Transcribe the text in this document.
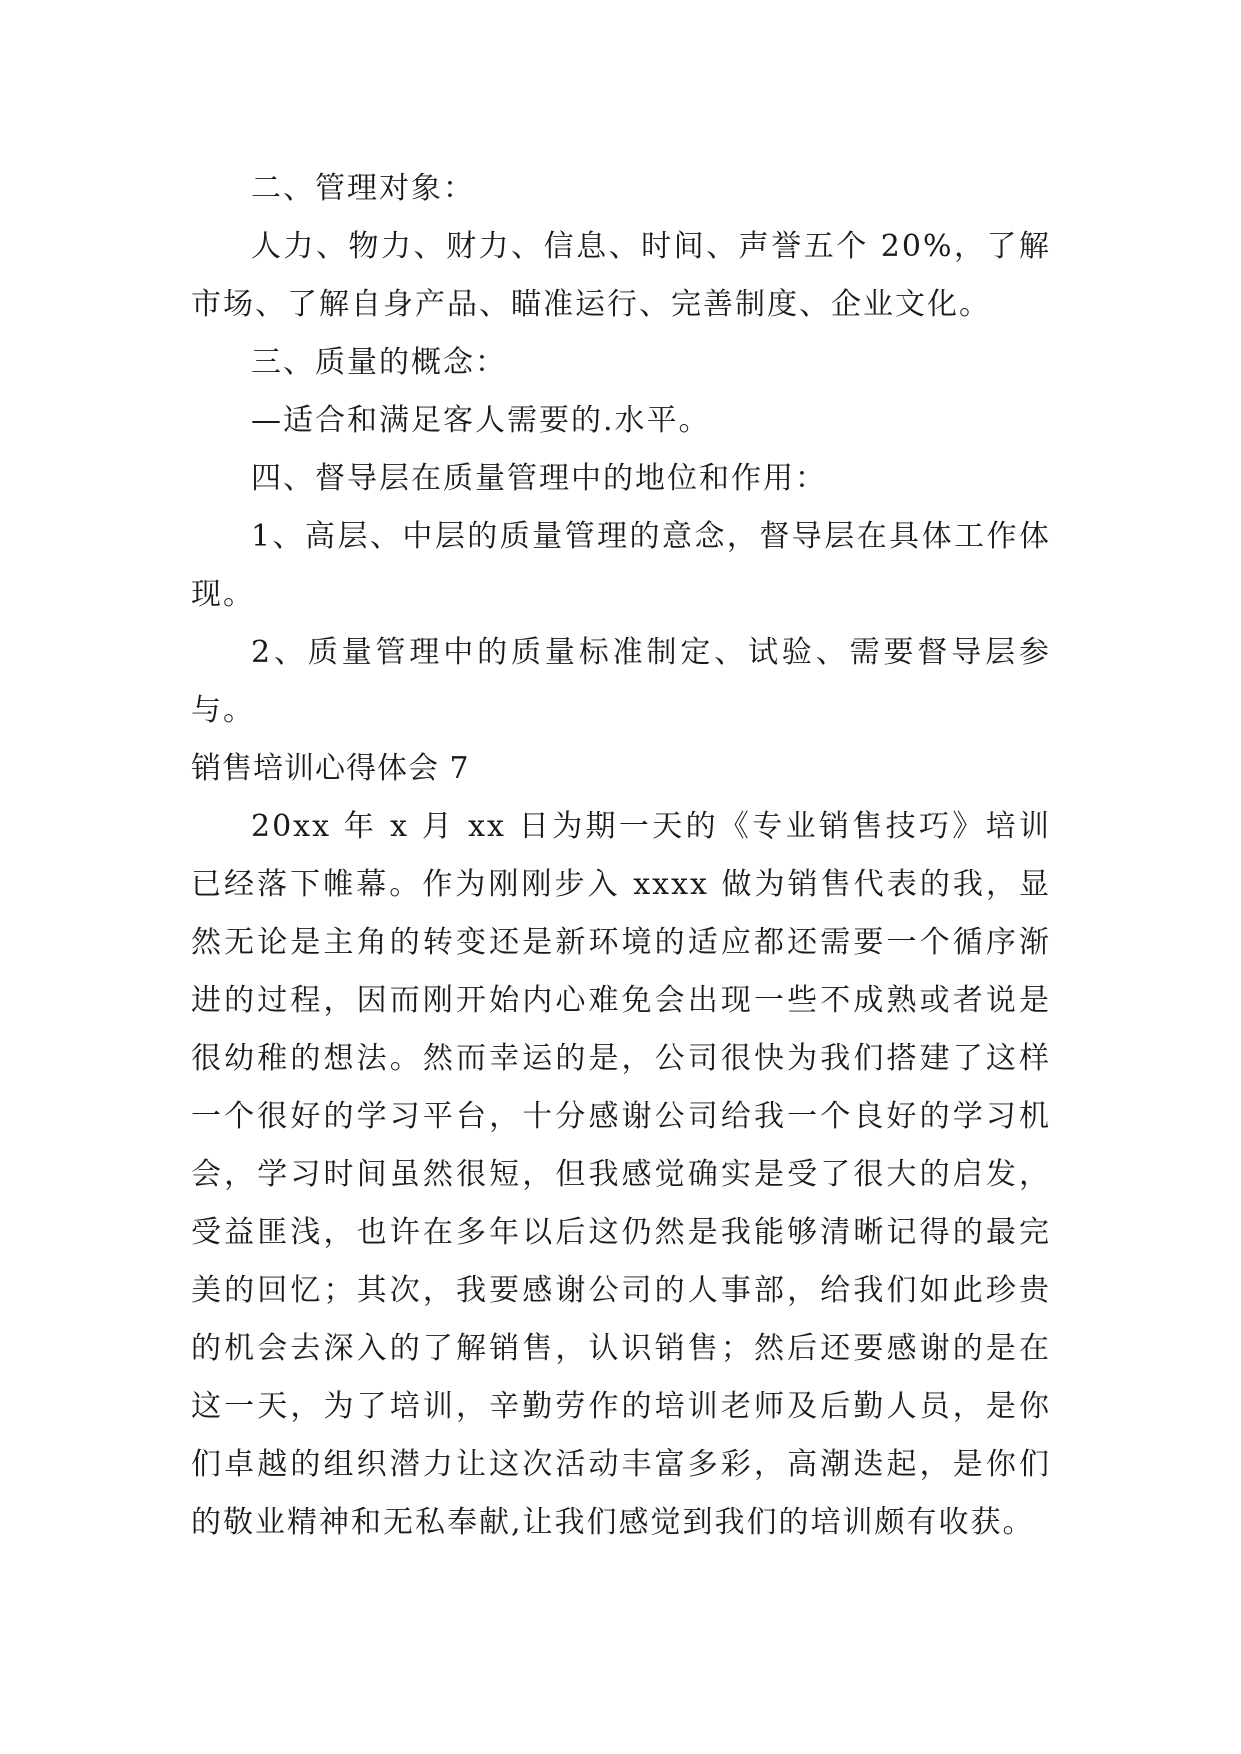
二、管理对象：

人力、物力、财力、信息、时间、声誉五个 20%，了解市场、了解自身产品、瞄准运行、完善制度、企业文化。

三、质量的概念：

—适合和满足客人需要的.水平。

四、督导层在质量管理中的地位和作用：

1、高层、中层的质量管理的意念，督导层在具体工作体现。

2、质量管理中的质量标准制定、试验、需要督导层参与。

销售培训心得体会 7

20xx 年 x 月 xx 日为期一天的《专业销售技巧》培训已经落下帷幕。作为刚刚步入 xxxx 做为销售代表的我，显然无论是主角的转变还是新环境的适应都还需要一个循序渐进的过程，因而刚开始内心难免会出现一些不成熟或者说是很幼稚的想法。然而幸运的是，公司很快为我们搭建了这样一个很好的学习平台，十分感谢公司给我一个良好的学习机会，学习时间虽然很短，但我感觉确实是受了很大的启发，受益匪浅，也许在多年以后这仍然是我能够清晰记得的最完美的回忆；其次，我要感谢公司的人事部，给我们如此珍贵的机会去深入的了解销售，认识销售；然后还要感谢的是在这一天，为了培训，辛勤劳作的培训老师及后勤人员，是你们卓越的组织潜力让这次活动丰富多彩，高潮迭起，是你们的敬业精神和无私奉献,让我们感觉到我们的培训颇有收获。
